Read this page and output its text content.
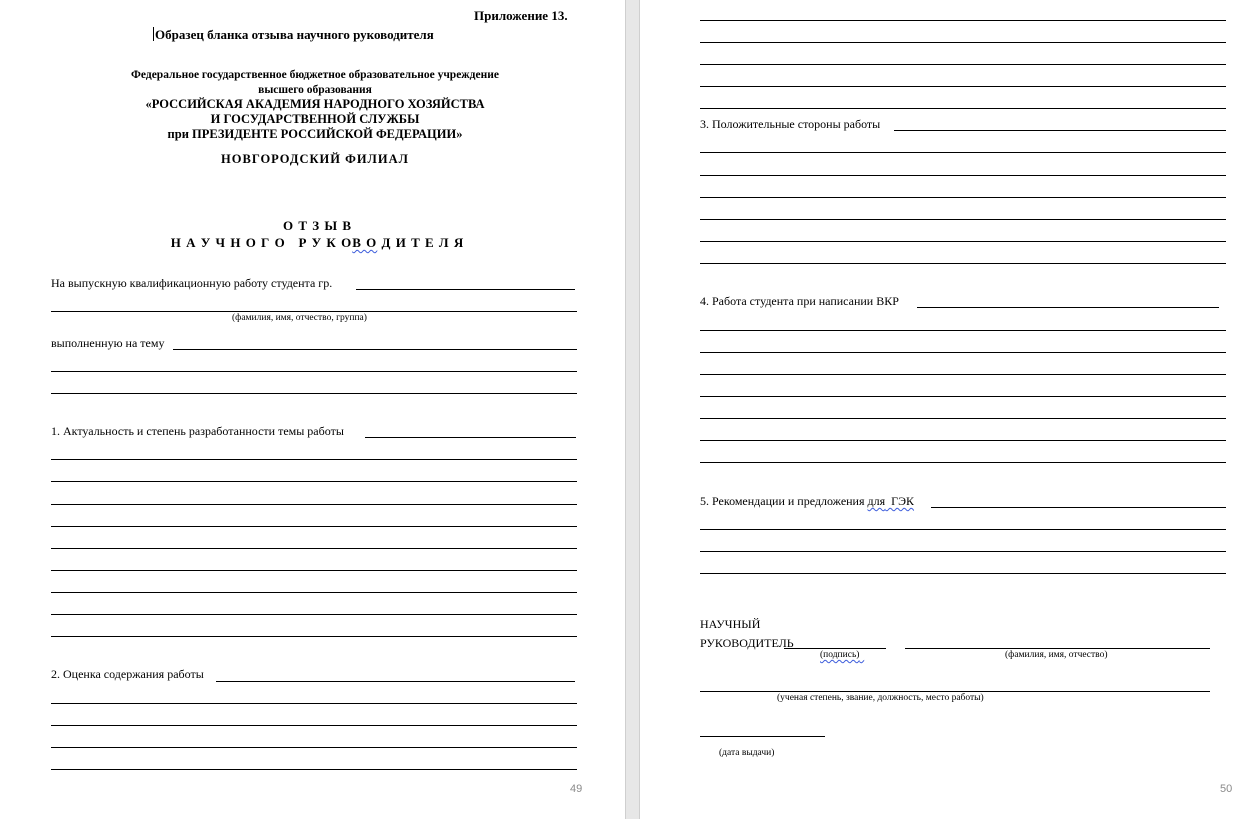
Приложение 13.
Образец бланка отзыва научного руководителя
Федеральное государственное бюджетное образовательное учреждение
высшего образования
«РОССИЙСКАЯ АКАДЕМИЯ НАРОДНОГО ХОЗЯЙСТВА
И ГОСУДАРСТВЕННОЙ СЛУЖБЫ
при ПРЕЗИДЕНТЕ РОССИЙСКОЙ ФЕДЕРАЦИИ»
НОВГОРОДСКИЙ ФИЛИАЛ
О Т З Ы В
Н А У Ч Н О Г О   Р У К ОВ О Д И Т Е Л Я
На выпускную квалификационную работу студента гр.
(фамилия, имя, отчество, группа)
выполненную на тему
1. Актуальность и степень разработанности темы работы
2. Оценка содержания работы
49
3. Положительные стороны работы
4. Работа студента при написании ВКР
5. Рекомендации и предложения для  ГЭК
НАУЧНЫЙ
РУКОВОДИТЕЛЬ
(подпись)	(фамилия, имя, отчество)
(ученая степень, звание, должность, место работы)
(дата выдачи)
50
